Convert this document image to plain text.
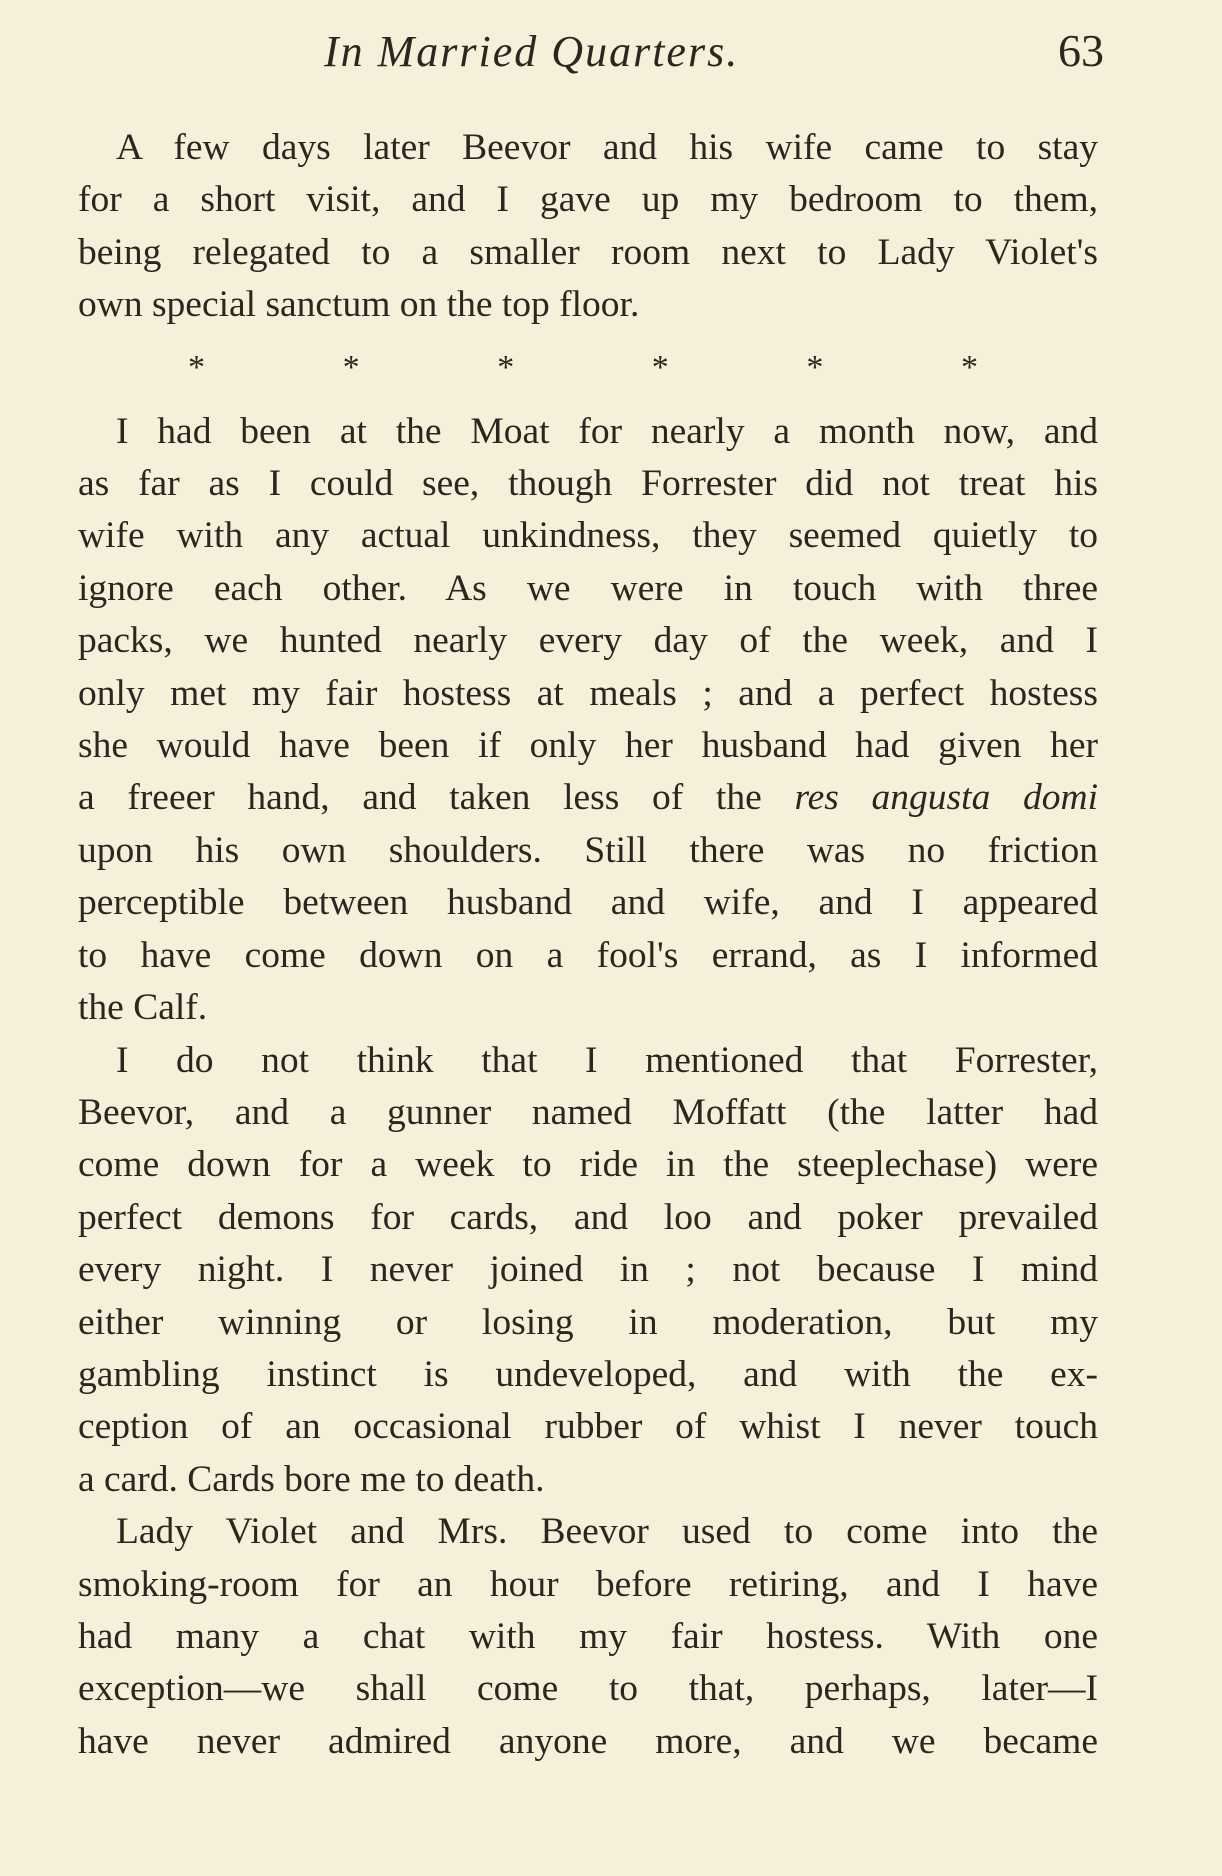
In Married Quarters.	63

A few days later Beevor and his wife came to stay
for a short visit, and I gave up my bedroom to them,
being relegated to a smaller room next to Lady Violet's
own special sanctum on the top floor.

*	*	*	*	*	*

I had been at the Moat for nearly a month now, and
as far as I could see, though Forrester did not treat his
wife with any actual unkindness, they seemed quietly to
ignore each other. As we were in touch with three
packs, we hunted nearly every day of the week, and I
only met my fair hostess at meals ; and a perfect hostess
she would have been if only her husband had given her
a freeer hand, and taken less of the res angusta domi
upon his own shoulders. Still there was no friction
perceptible between husband and wife, and I appeared
to have come down on a fool's errand, as I informed
the Calf.

I do not think that I mentioned that Forrester,
Beevor, and a gunner named Moffatt (the latter had
come down for a week to ride in the steeplechase) were
perfect demons for cards, and loo and poker prevailed
every night. I never joined in ; not because I mind
either winning or losing in moderation, but my
gambling instinct is undeveloped, and with the ex-
ception of an occasional rubber of whist I never touch
a card. Cards bore me to death.

Lady Violet and Mrs. Beevor used to come into the
smoking-room for an hour before retiring, and I have
had many a chat with my fair hostess. With one
exception—we shall come to that, perhaps, later—I
have never admired anyone more, and we became
